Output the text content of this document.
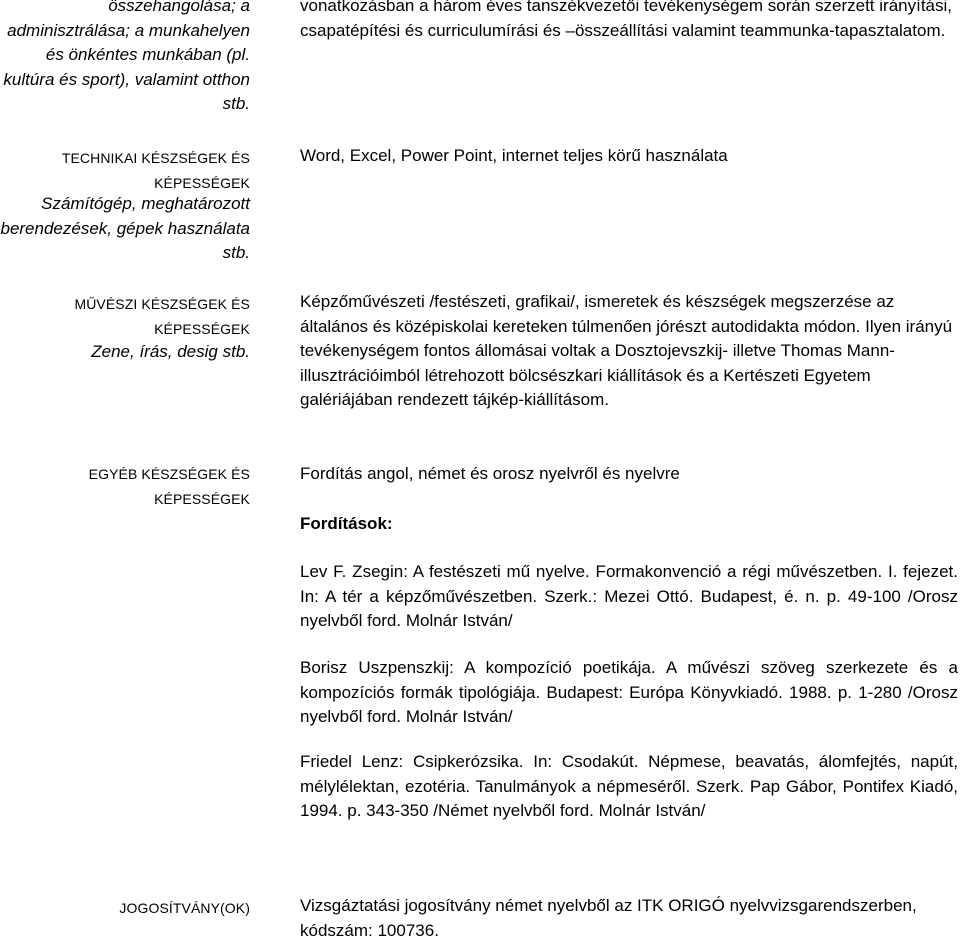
összehangolása; a adminisztrálása; a munkahelyen és önkéntes munkában (pl. kultúra és sport), valamint otthon stb.

TECHNIKAI KÉSZSÉGEK ÉS
KÉPESSÉGEK

Számítógép, meghatározott berendezések, gépek használata stb.

MŰVÉSZI KÉSZSÉGEK ÉS
KÉPESSÉGEK

Zene, írás, desig stb.

EGYÉB KÉSZSÉGEK ÉS
KÉPESSÉGEK
JOGOSÍTVÁNY(OK)

vonatkozásban a három éves tanszékvezetői tevékenységem során szerzett irányítási, csapatépítési és curriculumírási és –összeállítási valamint teammunka-tapasztalatom.

Word, Excel, Power Point, internet teljes körű használata

Képzőművészeti /festészeti, grafikai/, ismeretek és készségek megszerzése az általános és középiskolai kereteken túlmenően jórészt autodidakta módon. Ilyen irányú tevékenységem fontos állomásai voltak a Dosztojevszkij- illetve Thomas Mann-illusztrációimból létrehozott bölcsészkari kiállítások és a Kertészeti Egyetem galériájában rendezett tájkép-kiállításom.

Fordítás angol, német és orosz nyelvről és nyelvre

Fordítások:

Lev F. Zsegin: A festészeti mű nyelve. Formakonvenció a régi művészetben. I. fejezet. In: A tér a képzőművészetben. Szerk.: Mezei Ottó. Budapest, é. n. p. 49-100 /Orosz nyelvből ford. Molnár István/

Borisz Uszpenszkij: A kompozíció poetikája. A művészi szöveg szerkezete és a kompozíciós formák tipológiája. Budapest: Európa Könyvkiadó. 1988. p. 1-280 /Orosz nyelvből ford. Molnár István/

Friedel Lenz: Csipkerózsika. In: Csodakút. Népmese, beavatás, álomfejtés, napút, mélylélektan, ezotéria. Tanulmányok a népmeséről. Szerk. Pap Gábor, Pontifex Kiadó, 1994. p. 343-350 /Német nyelvből ford. Molnár István/

Vizsgáztatási jogosítvány német nyelvből az ITK ORIGÓ nyelvvizsgarendszerben, kódszám: 100736.
